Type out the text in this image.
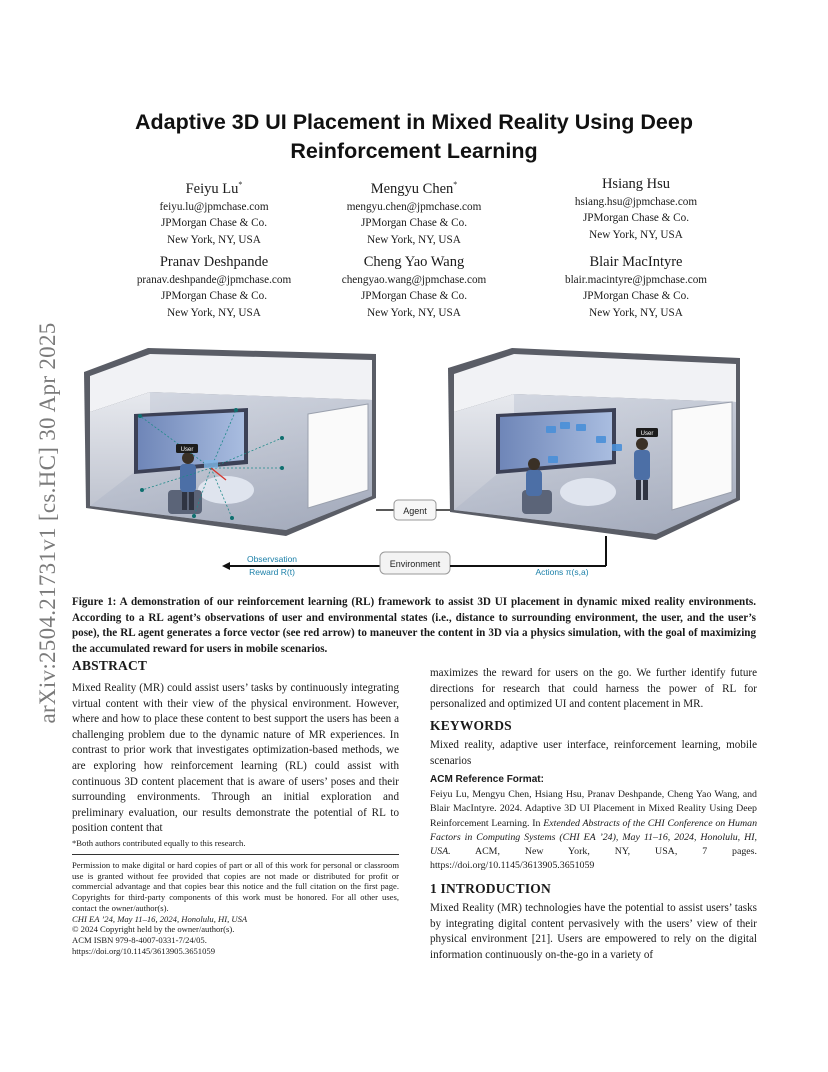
Adaptive 3D UI Placement in Mixed Reality Using Deep
Reinforcement Learning
arXiv:2504.21731v1 [cs.HC] 30 Apr 2025
Feiyu Lu*
feiyu.lu@jpmchase.com
JPMorgan Chase & Co.
New York, NY, USA
Mengyu Chen*
mengyu.chen@jpmchase.com
JPMorgan Chase & Co.
New York, NY, USA
Hsiang Hsu
hsiang.hsu@jpmchase.com
JPMorgan Chase & Co.
New York, NY, USA
Pranav Deshpande
pranav.deshpande@jpmchase.com
JPMorgan Chase & Co.
New York, NY, USA
Cheng Yao Wang
chengyao.wang@jpmchase.com
JPMorgan Chase & Co.
New York, NY, USA
Blair MacIntyre
blair.macintyre@jpmchase.com
JPMorgan Chase & Co.
New York, NY, USA
User
User
Agent
Environment
Observsation
Reward R(t)	Actions π(s,a)
Figure 1: A demonstration of our reinforcement learning (RL) framework to assist 3D UI placement in dynamic mixed reality environments. According to a RL agent’s observations of user and environmental states (i.e., distance to surrounding environment, the user, and the user’s pose), the RL agent generates a force vector (see red arrow) to maneuver the content in 3D via a physics simulation, with the goal of maximizing the accumulated reward for users in mobile scenarios.
ABSTRACT

Mixed Reality (MR) could assist users’ tasks by continuously integrating virtual content with their view of the physical environment. However, where and how to place these content to best support the users has been a challenging problem due to the dynamic nature of MR experiences. In contrast to prior work that investigates optimization-based methods, we are exploring how reinforcement learning (RL) could assist with continuous 3D content placement that is aware of users’ poses and their surrounding environments. Through an initial exploration and preliminary evaluation, our results demonstrate the potential of RL to position content that

*Both authors contributed equally to this research.
Permission to make digital or hard copies of part or all of this work for personal or classroom use is granted without fee provided that copies are not made or distributed for profit or commercial advantage and that copies bear this notice and the full citation on the first page. Copyrights for third-party components of this work must be honored. For all other uses, contact the owner/author(s).
CHI EA ’24, May 11–16, 2024, Honolulu, HI, USA
© 2024 Copyright held by the owner/author(s).
ACM ISBN 979-8-4007-0331-7/24/05.
https://doi.org/10.1145/3613905.3651059
maximizes the reward for users on the go. We further identify future directions for research that could harness the power of RL for personalized and optimized UI and content placement in MR.
KEYWORDS
Mixed reality, adaptive user interface, reinforcement learning, mobile scenarios
ACM Reference Format:
Feiyu Lu, Mengyu Chen, Hsiang Hsu, Pranav Deshpande, Cheng Yao Wang, and Blair MacIntyre. 2024. Adaptive 3D UI Placement in Mixed Reality Using Deep Reinforcement Learning. In Extended Abstracts of the CHI Conference on Human Factors in Computing Systems (CHI EA ’24), May 11–16, 2024, Honolulu, HI, USA. ACM, New York, NY, USA, 7 pages. https://doi.org/10.1145/3613905.3651059
1 INTRODUCTION
Mixed Reality (MR) technologies have the potential to assist users’ tasks by integrating digital content pervasively with the users’ view of their physical environment [21]. Users are empowered to rely on the digital information continuously on-the-go in a variety of
